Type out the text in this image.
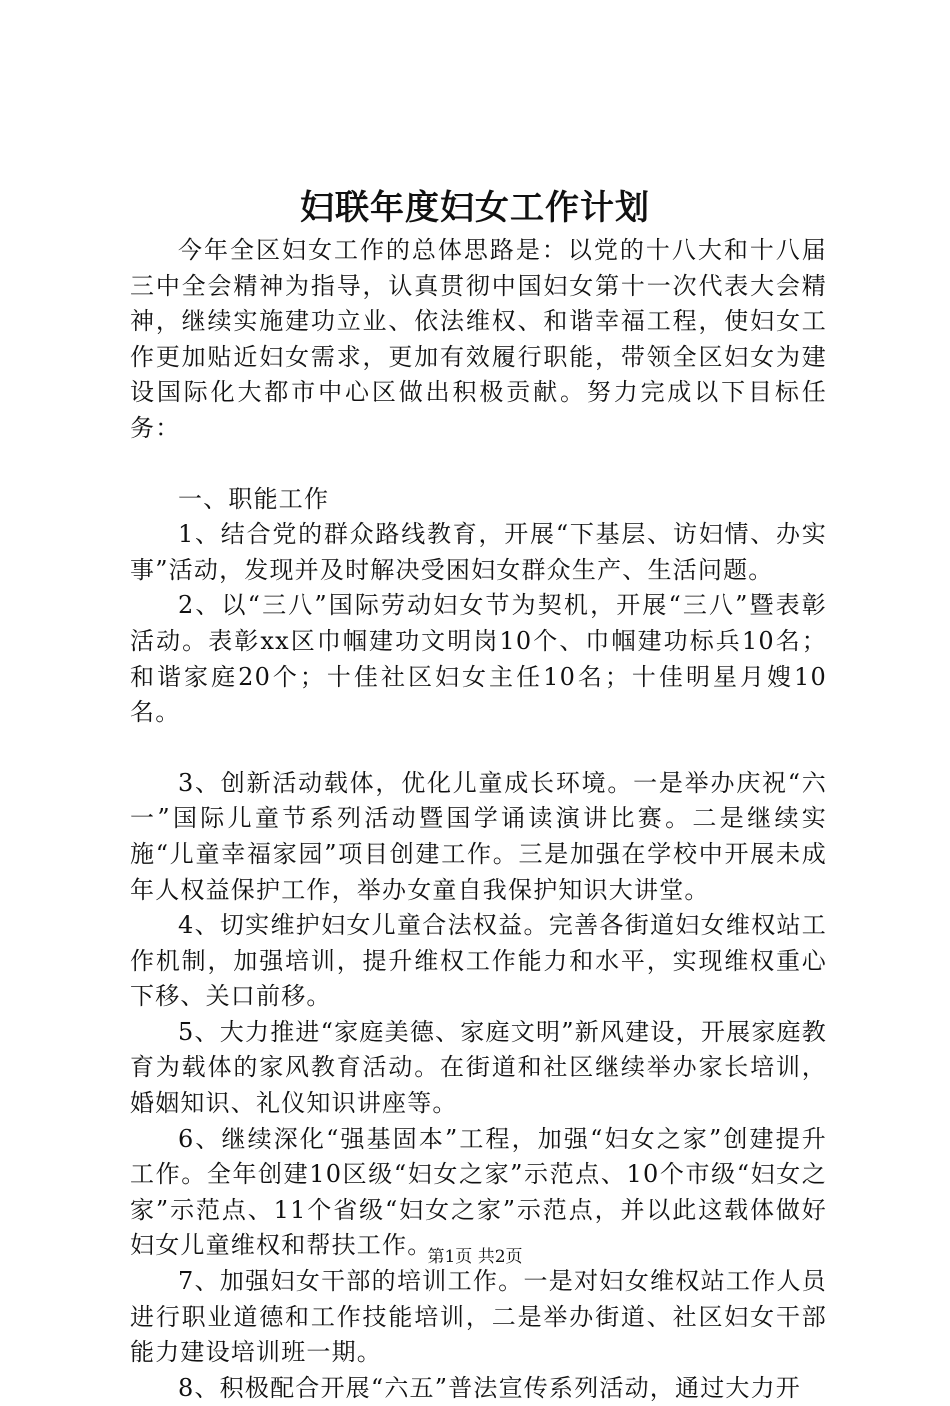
妇联年度妇女工作计划

今年全区妇女工作的总体思路是：以党的十八大和十八届三中全会精神为指导，认真贯彻中国妇女第十一次代表大会精神，继续实施建功立业、依法维权、和谐幸福工程，使妇女工作更加贴近妇女需求，更加有效履行职能，带领全区妇女为建设国际化大都市中心区做出积极贡献。努力完成以下目标任务：

一、职能工作

1、结合党的群众路线教育，开展“下基层、访妇情、办实事”活动，发现并及时解决受困妇女群众生产、生活问题。

2、以“三八”国际劳动妇女节为契机，开展“三八”暨表彰活动。表彰xx区巾帼建功文明岗10个、巾帼建功标兵10名；和谐家庭20个；十佳社区妇女主任10名；十佳明星月嫂10名。

3、创新活动载体，优化儿童成长环境。一是举办庆祝“六一”国际儿童节系列活动暨国学诵读演讲比赛。二是继续实施“儿童幸福家园”项目创建工作。三是加强在学校中开展未成年人权益保护工作，举办女童自我保护知识大讲堂。

4、切实维护妇女儿童合法权益。完善各街道妇女维权站工作机制，加强培训，提升维权工作能力和水平，实现维权重心下移、关口前移。

5、大力推进“家庭美德、家庭文明”新风建设，开展家庭教育为载体的家风教育活动。在街道和社区继续举办家长培训，婚姻知识、礼仪知识讲座等。

6、继续深化“强基固本”工程，加强“妇女之家”创建提升工作。全年创建10区级“妇女之家”示范点、10个市级“妇女之家”示范点、11个省级“妇女之家”示范点，并以此这载体做好妇女儿童维权和帮扶工作。

7、加强妇女干部的培训工作。一是对妇女维权站工作人员进行职业道德和工作技能培训，二是举办街道、社区妇女干部能力建设培训班一期。

8、积极配合开展“六五”普法宣传系列活动，通过大力开

第1页 共2页
